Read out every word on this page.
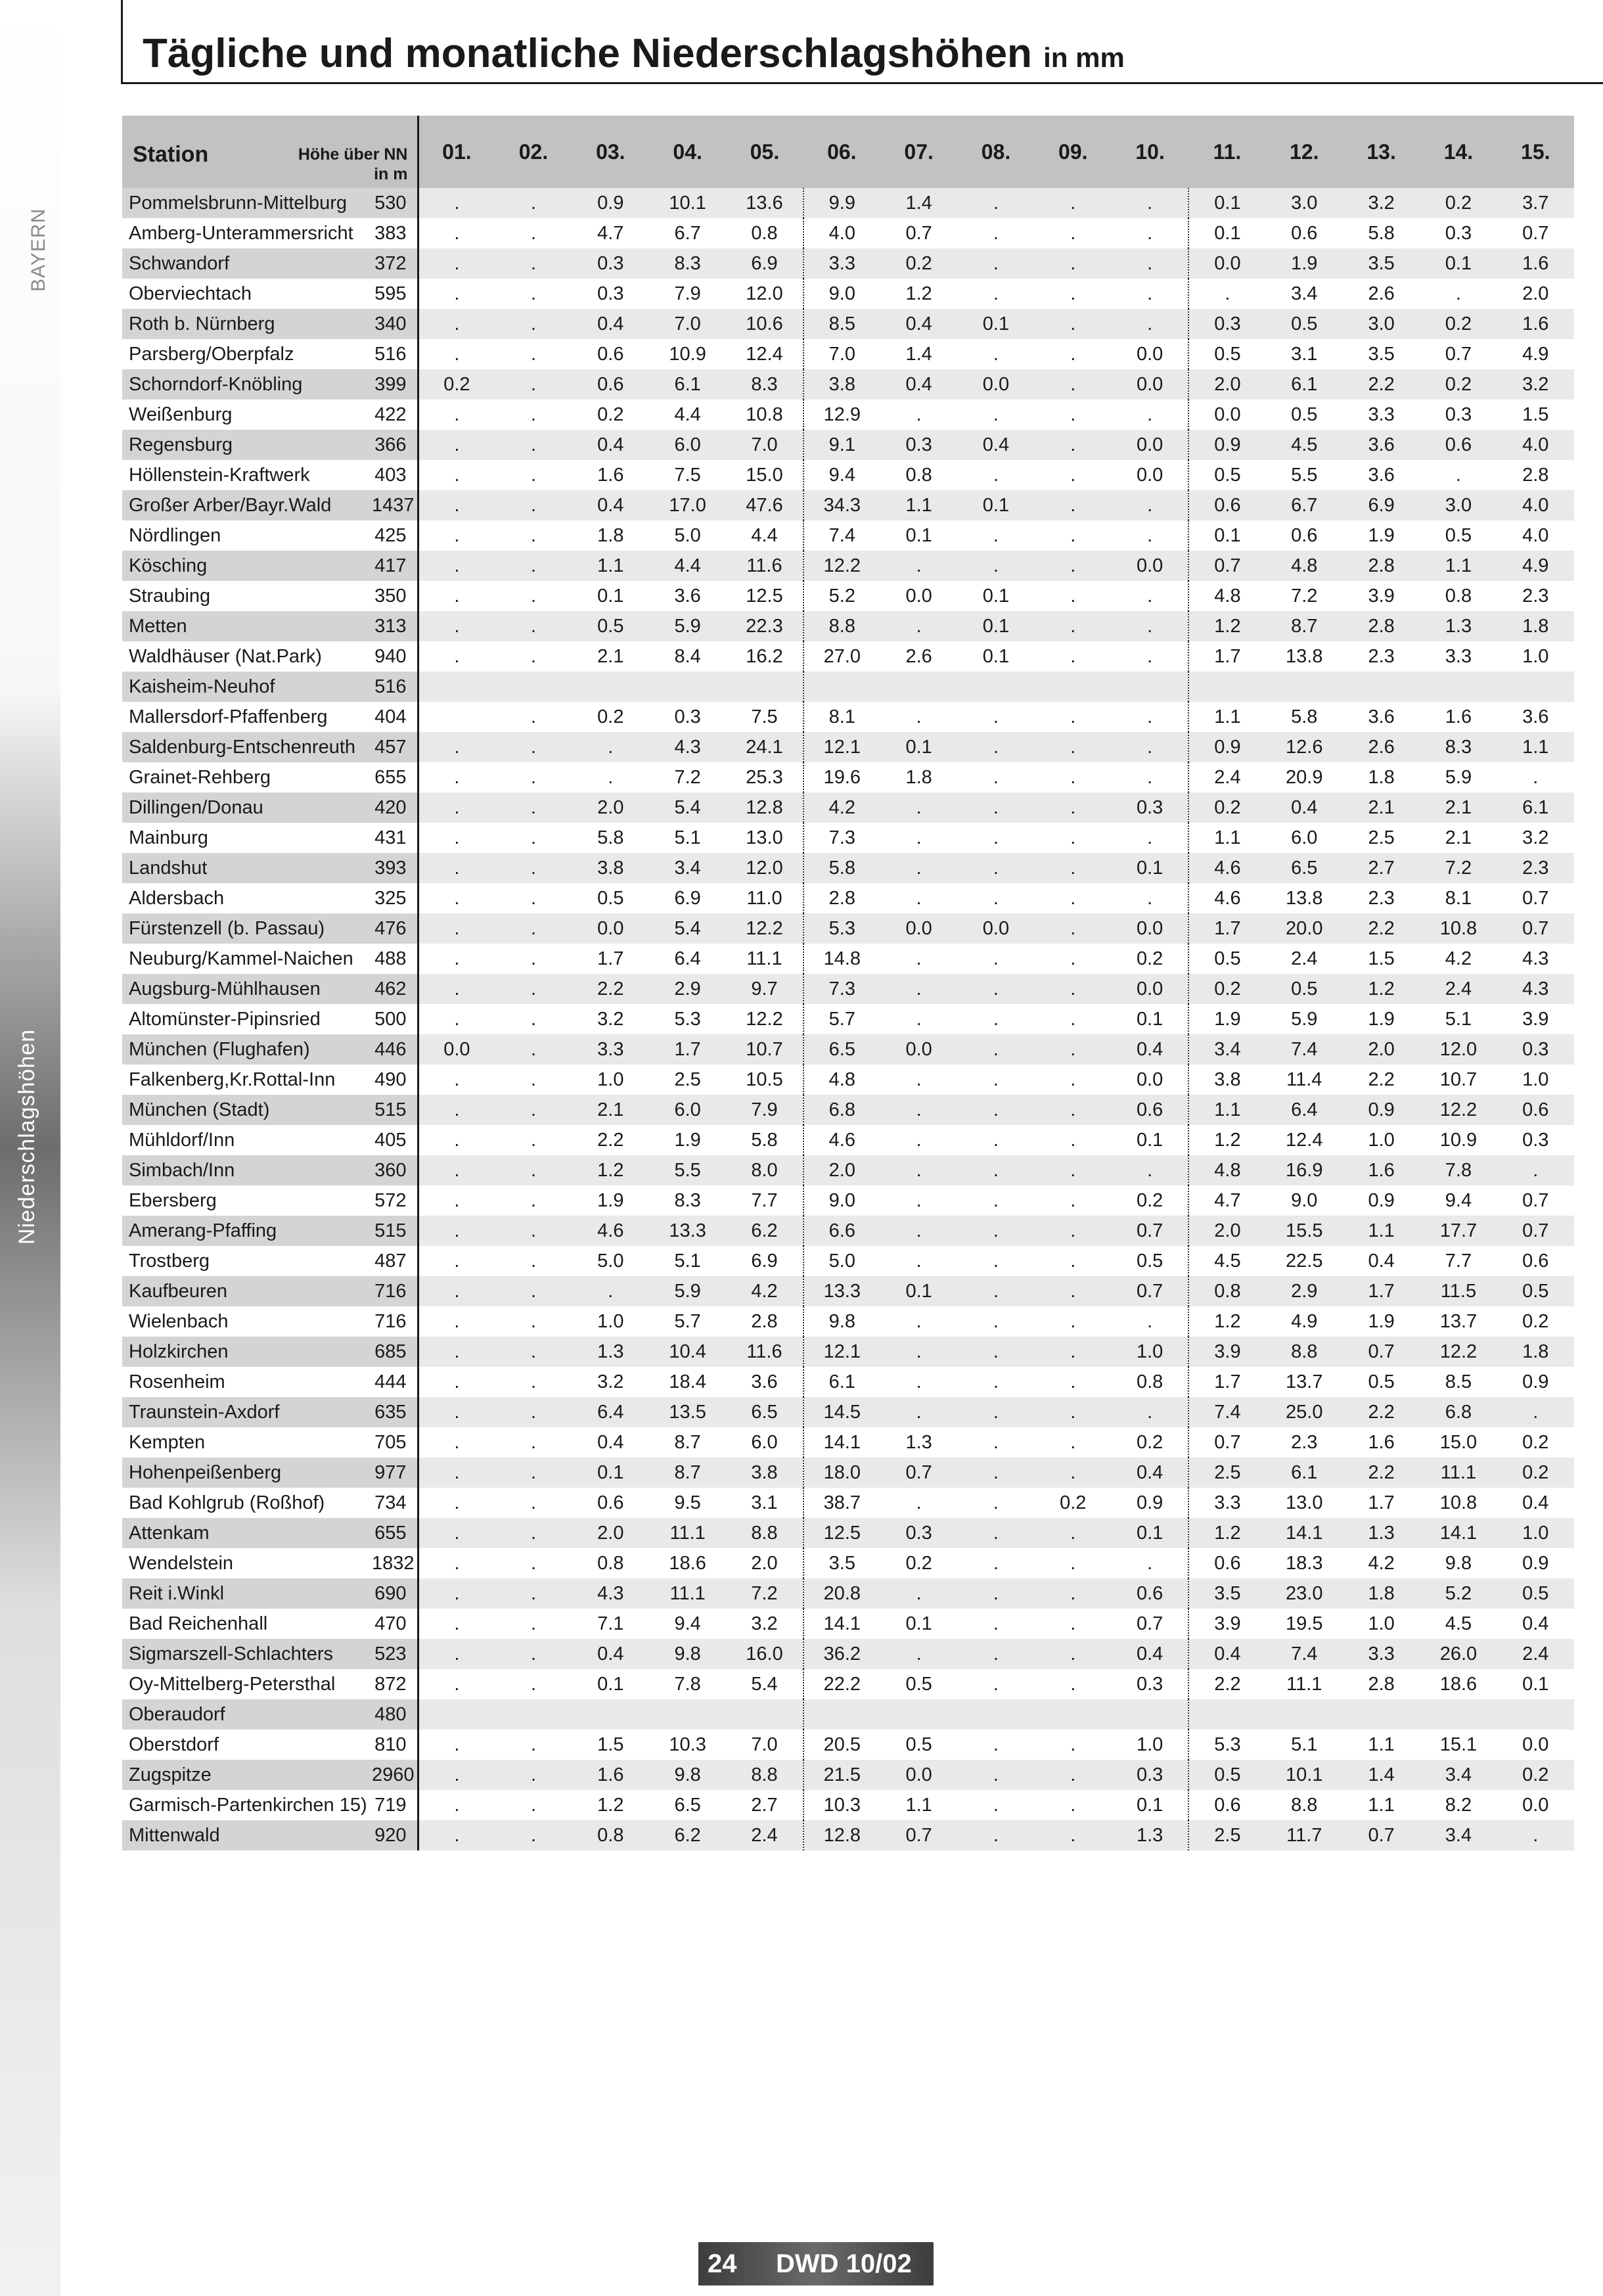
BAYERN
Niederschlagshöhen
Tägliche und monatliche Niederschlagshöhen in mm
Station Höhe über NN
in m		01.	02.	03.	04.	05.	06.	07.	08.	09.	10.	11.	12.	13.	14.	15.
Pommelsbrunn-Mittelburg	530	.	.	0.9	10.1	13.6	9.9	1.4	.	.	.	0.1	3.0	3.2	0.2	3.7
Amberg-Unterammersricht	383	.	.	4.7	6.7	0.8	4.0	0.7	.	.	.	0.1	0.6	5.8	0.3	0.7
Schwandorf	372	.	.	0.3	8.3	6.9	3.3	0.2	.	.	.	0.0	1.9	3.5	0.1	1.6
Oberviechtach	595	.	.	0.3	7.9	12.0	9.0	1.2	.	.	.	.	3.4	2.6	.	2.0
Roth b. Nürnberg	340	.	.	0.4	7.0	10.6	8.5	0.4	0.1	.	.	0.3	0.5	3.0	0.2	1.6
Parsberg/Oberpfalz	516	.	.	0.6	10.9	12.4	7.0	1.4	.	.	0.0	0.5	3.1	3.5	0.7	4.9
Schorndorf-Knöbling	399	0.2	.	0.6	6.1	8.3	3.8	0.4	0.0	.	0.0	2.0	6.1	2.2	0.2	3.2
Weißenburg	422	.	.	0.2	4.4	10.8	12.9	.	.	.	.	0.0	0.5	3.3	0.3	1.5
Regensburg	366	.	.	0.4	6.0	7.0	9.1	0.3	0.4	.	0.0	0.9	4.5	3.6	0.6	4.0
Höllenstein-Kraftwerk	403	.	.	1.6	7.5	15.0	9.4	0.8	.	.	0.0	0.5	5.5	3.6	.	2.8
Großer Arber/Bayr.Wald	1437	.	.	0.4	17.0	47.6	34.3	1.1	0.1	.	.	0.6	6.7	6.9	3.0	4.0
Nördlingen	425	.	.	1.8	5.0	4.4	7.4	0.1	.	.	.	0.1	0.6	1.9	0.5	4.0
Kösching	417	.	.	1.1	4.4	11.6	12.2	.	.	.	0.0	0.7	4.8	2.8	1.1	4.9
Straubing	350	.	.	0.1	3.6	12.5	5.2	0.0	0.1	.	.	4.8	7.2	3.9	0.8	2.3
Metten	313	.	.	0.5	5.9	22.3	8.8	.	0.1	.	.	1.2	8.7	2.8	1.3	1.8
Waldhäuser (Nat.Park)	940	.	.	2.1	8.4	16.2	27.0	2.6	0.1	.	.	1.7	13.8	2.3	3.3	1.0
Kaisheim-Neuhof	516															
Mallersdorf-Pfaffenberg	404		.	0.2	0.3	7.5	8.1	.	.	.	.	1.1	5.8	3.6	1.6	3.6
Saldenburg-Entschenreuth	457	.	.	.	4.3	24.1	12.1	0.1	.	.	.	0.9	12.6	2.6	8.3	1.1
Grainet-Rehberg	655	.	.	.	7.2	25.3	19.6	1.8	.	.	.	2.4	20.9	1.8	5.9	.
Dillingen/Donau	420	.	.	2.0	5.4	12.8	4.2	.	.	.	0.3	0.2	0.4	2.1	2.1	6.1
Mainburg	431	.	.	5.8	5.1	13.0	7.3	.	.	.	.	1.1	6.0	2.5	2.1	3.2
Landshut	393	.	.	3.8	3.4	12.0	5.8	.	.	.	0.1	4.6	6.5	2.7	7.2	2.3
Aldersbach	325	.	.	0.5	6.9	11.0	2.8	.	.	.	.	4.6	13.8	2.3	8.1	0.7
Fürstenzell (b. Passau)	476	.	.	0.0	5.4	12.2	5.3	0.0	0.0	.	0.0	1.7	20.0	2.2	10.8	0.7
Neuburg/Kammel-Naichen	488	.	.	1.7	6.4	11.1	14.8	.	.	.	0.2	0.5	2.4	1.5	4.2	4.3
Augsburg-Mühlhausen	462	.	.	2.2	2.9	9.7	7.3	.	.	.	0.0	0.2	0.5	1.2	2.4	4.3
Altomünster-Pipinsried	500	.	.	3.2	5.3	12.2	5.7	.	.	.	0.1	1.9	5.9	1.9	5.1	3.9
München (Flughafen)	446	0.0	.	3.3	1.7	10.7	6.5	0.0	.	.	0.4	3.4	7.4	2.0	12.0	0.3
Falkenberg,Kr.Rottal-Inn	490	.	.	1.0	2.5	10.5	4.8	.	.	.	0.0	3.8	11.4	2.2	10.7	1.0
München (Stadt)	515	.	.	2.1	6.0	7.9	6.8	.	.	.	0.6	1.1	6.4	0.9	12.2	0.6
Mühldorf/Inn	405	.	.	2.2	1.9	5.8	4.6	.	.	.	0.1	1.2	12.4	1.0	10.9	0.3
Simbach/Inn	360	.	.	1.2	5.5	8.0	2.0	.	.	.	.	4.8	16.9	1.6	7.8	.
Ebersberg	572	.	.	1.9	8.3	7.7	9.0	.	.	.	0.2	4.7	9.0	0.9	9.4	0.7
Amerang-Pfaffing	515	.	.	4.6	13.3	6.2	6.6	.	.	.	0.7	2.0	15.5	1.1	17.7	0.7
Trostberg	487	.	.	5.0	5.1	6.9	5.0	.	.	.	0.5	4.5	22.5	0.4	7.7	0.6
Kaufbeuren	716	.	.	.	5.9	4.2	13.3	0.1	.	.	0.7	0.8	2.9	1.7	11.5	0.5
Wielenbach	716	.	.	1.0	5.7	2.8	9.8	.	.	.	.	1.2	4.9	1.9	13.7	0.2
Holzkirchen	685	.	.	1.3	10.4	11.6	12.1	.	.	.	1.0	3.9	8.8	0.7	12.2	1.8
Rosenheim	444	.	.	3.2	18.4	3.6	6.1	.	.	.	0.8	1.7	13.7	0.5	8.5	0.9
Traunstein-Axdorf	635	.	.	6.4	13.5	6.5	14.5	.	.	.	.	7.4	25.0	2.2	6.8	.
Kempten	705	.	.	0.4	8.7	6.0	14.1	1.3	.	.	0.2	0.7	2.3	1.6	15.0	0.2
Hohenpeißenberg	977	.	.	0.1	8.7	3.8	18.0	0.7	.	.	0.4	2.5	6.1	2.2	11.1	0.2
Bad Kohlgrub (Roßhof)	734	.	.	0.6	9.5	3.1	38.7	.	.	0.2	0.9	3.3	13.0	1.7	10.8	0.4
Attenkam	655	.	.	2.0	11.1	8.8	12.5	0.3	.	.	0.1	1.2	14.1	1.3	14.1	1.0
Wendelstein	1832	.	.	0.8	18.6	2.0	3.5	0.2	.	.	.	0.6	18.3	4.2	9.8	0.9
Reit i.Winkl	690	.	.	4.3	11.1	7.2	20.8	.	.	.	0.6	3.5	23.0	1.8	5.2	0.5
Bad Reichenhall	470	.	.	7.1	9.4	3.2	14.1	0.1	.	.	0.7	3.9	19.5	1.0	4.5	0.4
Sigmarszell-Schlachters	523	.	.	0.4	9.8	16.0	36.2	.	.	.	0.4	0.4	7.4	3.3	26.0	2.4
Oy-Mittelberg-Petersthal	872	.	.	0.1	7.8	5.4	22.2	0.5	.	.	0.3	2.2	11.1	2.8	18.6	0.1
Oberaudorf	480															
Oberstdorf	810	.	.	1.5	10.3	7.0	20.5	0.5	.	.	1.0	5.3	5.1	1.1	15.1	0.0
Zugspitze	2960	.	.	1.6	9.8	8.8	21.5	0.0	.	.	0.3	0.5	10.1	1.4	3.4	0.2
Garmisch-Partenkirchen 15)	719	.	.	1.2	6.5	2.7	10.3	1.1	.	.	0.1	0.6	8.8	1.1	8.2	0.0
Mittenwald	920	.	.	0.8	6.2	2.4	12.8	0.7	.	.	1.3	2.5	11.7	0.7	3.4	.
24 DWD 10/02
